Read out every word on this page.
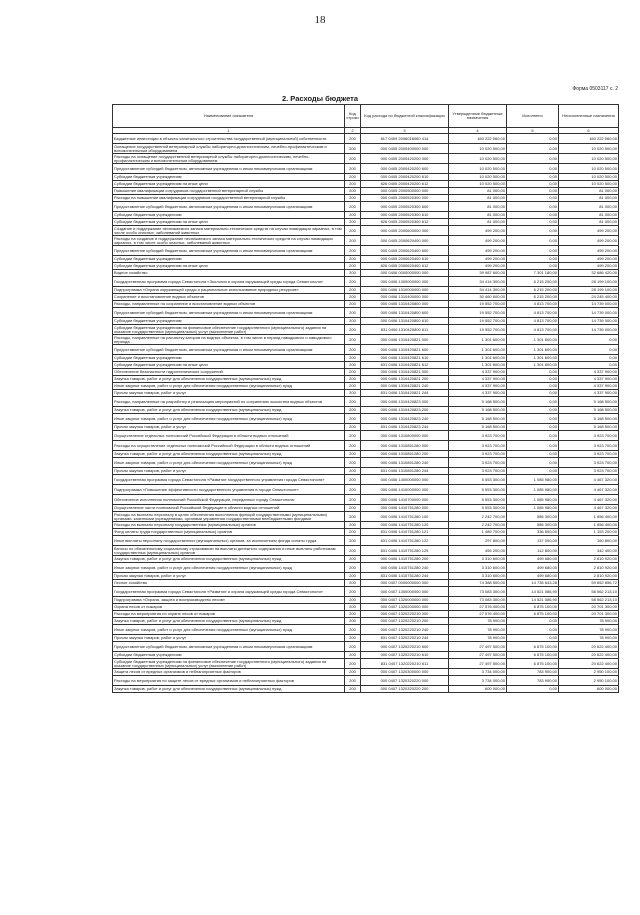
18
Форма 0503117 с. 2
2. Расходы бюджета
Наименование показателя	Код строки	Код расхода по бюджетной классификации	Утвержденные бюджетные назначения	Исполнено	Неисполненные назначения
1	2	3	4	5	6
Бюджетные инвестиции в объекты капитального строительства государственной (муниципальной) собственности	200	817 0409 2006016060 414	160 222 060,00	0,00	160 222 060,00
Оснащение государственной ветеринарной службы лабораторно-диагностическим, лечебно-профилактическим и вспомогательным оборудованием	200	000 0405 2000400000 000	10 020 500,00	0,00	10 020 500,00
Расходы на оснащение государственной ветеринарной службы лабораторно-диагностическим, лечебно-профилактическим и вспомогательным оборудованием	200	000 0405 2000420200 000	10 020 500,00	0,00	10 020 500,00
Предоставление субсидий бюджетным, автономным учреждениям и иным некоммерческим организациям	200	000 0405 2000420200 600	10 020 500,00	0,00	10 020 500,00
Субсидии бюджетным учреждениям	200	000 0405 2000420200 610	10 020 500,00	0,00	10 020 500,00
Субсидии бюджетным учреждениям на иные цели	200	826 0405 2000420200 612	10 020 500,00	0,00	10 020 500,00
Повышение квалификации сотрудников государственной ветеринарной службы	200	000 0405 2000500000 000	81 000,00	0,00	81 000,00
Расходы на повышение квалификации сотрудников государственной ветеринарной службы	200	000 0405 2000520300 000	81 000,00	0,00	81 000,00
Предоставление субсидий бюджетным, автономным учреждениям и иным некоммерческим организациям	200	000 0405 2000520300 600	81 000,00	0,00	81 000,00
Субсидии бюджетным учреждениям	200	000 0405 2000520300 610	81 000,00	0,00	81 000,00
Субсидии бюджетным учреждениям на иные цели	200	826 0405 2000520300 612	81 000,00	0,00	81 000,00
Создание и поддержание неснижаемого запаса материально-технических средств на случаи ликвидации заразных, в том числе особо опасных, заболеваний животных	200	000 0405 2000600000 000	499 200,00	0,00	499 200,00
Расходы на создание и поддержание неснижаемого запаса материально-технических средств на случаи ликвидации заразных, в том числе особо опасных, заболеваний животных	200	000 0405 2000620400 000	499 200,00	0,00	499 200,00
Предоставление субсидий бюджетным, автономным учреждениям и иным некоммерческим организациям	200	000 0405 2000620400 600	499 200,00	0,00	499 200,00
Субсидии бюджетным учреждениям	200	000 0405 2000620400 610	499 200,00	0,00	499 200,00
Субсидии бюджетным учреждениям на иные цели	200	826 0405 2000620400 612	499 200,00	0,00	499 200,00
Водное хозяйство	200	000 0406 0000000000 000	39 987 600,00	7 301 180,00	32 686 420,00
Государственная программа города Севастополя «Экология и охрана окружающей среды города Севастополя»	200	000 0406 1300000000 000	34 414 300,00	6 215 200,00	28 199 100,00
Подпрограмма «Охрана окружающей среды и рациональное использование природных ресурсов»	200	000 0406 1310000000 000	34 414 300,00	6 215 200,00	28 199 100,00
Сохранение и восстановление водных объектов	200	000 0406 1310400000 000	30 460 600,00	6 215 200,00	24 245 400,00
Расходы, направленные на сохранение и восстановление водных объектов	200	000 0406 1310420800 000	19 552 700,00	4 813 700,00	14 739 000,00
Предоставление субсидий бюджетным, автономным учреждениям и иным некоммерческим организациям	200	000 0406 1310420800 600	19 552 700,00	4 813 700,00	14 739 000,00
Субсидии бюджетным учреждениям	200	000 0406 1310420800 610	19 552 700,00	4 813 700,00	14 739 000,00
Субсидии бюджетным учреждениям на финансовое обеспечение государственного (муниципального) задания на оказание государственных (муниципальных) услуг (выполнение работ)	200	831 0406 1310420800 611	19 552 700,00	4 813 700,00	14 739 000,00
Расходы, направленные на расчистку заторов на водных объектах, в том числе в период паводкового и наводкового периода	200	000 0406 1310420821 000	1 301 600,00	1 301 600,00	0,00
Предоставление субсидий бюджетным, автономным учреждениям и иным некоммерческим организациям	200	000 0406 1310420821 600	1 301 600,00	1 301 600,00	0,00
Субсидии бюджетным учреждениям	200	000 0406 1310420821 610	1 301 600,00	1 301 600,00	0,00
Субсидии бюджетным учреждениям на иные цели	200	831 0406 1310420821 612	1 301 600,00	1 301 600,00	0,00
Обеспечение безопасности гидротехнических сооружений	200	000 0406 1310420821 000	4 337 900,00	0,00	4 337 900,00
Закупка товаров, работ и услуг для обеспечения государственных (муниципальных) нужд	200	000 0406 1310420821 200	4 337 900,00	0,00	4 337 900,00
Иные закупки товаров, работ и услуг для обеспечения государственных (муниципальных) нужд	200	000 0406 1310420821 240	4 337 900,00	0,00	4 337 900,00
Прочая закупка товаров, работ и услуг	200	831 0406 1310420821 244	4 337 900,00	0,00	4 337 900,00
Расходы, направленные на разработку и реализацию мероприятий по сохранению экосистем водных объектов	200	000 0406 1310420823 000	5 168 500,00	0,00	5 168 500,00
Закупка товаров, работ и услуг для обеспечения государственных (муниципальных) нужд	200	000 0406 1310420823 200	5 168 500,00	0,00	5 168 500,00
Иные закупки товаров, работ и услуг для обеспечения государственных (муниципальных) нужд	200	000 0406 1310420823 240	5 168 500,00	0,00	5 168 500,00
Прочая закупка товаров, работ и услуг	200	831 0406 1310420823 244	5 168 500,00	0,00	5 168 500,00
Осуществление отдельных полномочий Российской Федерации в области водных отношений	200	000 0406 1310800000 000	3 923 700,00	0,00	3 923 700,00
Расходы на осуществление отдельных полномочий Российской Федерации в области водных отношений	200	000 0406 1310851280 000	3 923 700,00	0,00	3 923 700,00
Закупка товаров, работ и услуг для обеспечения государственных (муниципальных) нужд	200	000 0406 1310851280 200	3 923 700,00	0,00	3 923 700,00
Иные закупки товаров, работ и услуг для обеспечения государственных (муниципальных) нужд	200	000 0406 1310851280 240	3 923 700,00	0,00	3 923 700,00
Прочая закупка товаров, работ и услуг	200	831 0406 1310851280 244	3 923 700,00	0,00	3 923 700,00
Государственная программа города Севастополя «Развитие государственного управления города Севастополя»	200	000 0406 1400000000 000	5 553 300,00	1 085 980,00	4 467 320,00
Подпрограмма «Повышение эффективности государственного управления в городе Севастополе»	200	000 0406 1410000000 000	5 553 300,00	1 085 980,00	4 467 320,00
Обеспечение исполнения полномочий Российской Федерации, переданных городу Севастополю	200	000 0406 1410700000 000	5 553 300,00	1 085 980,00	4 467 320,00
Осуществление части полномочий Российской Федерации в области водных отношений	200	000 0406 1410751280 000	5 553 300,00	1 085 980,00	4 467 320,00
Расходы на выплаты персоналу в целях обеспечения выполнения функций государственными (муниципальными) органами, казенными учреждениями, органами управления государственными внебюджетными фондами	200	000 0406 1410751280 100	2 242 700,00	586 300,00	1 656 400,00
Расходы на выплаты персоналу государственных (муниципальных) органов	200	000 0406 1410751280 120	2 242 700,00	586 300,00	1 656 400,00
Фонд оплаты труда государственных (муниципальных) органов	200	831 0406 1410751280 121	1 489 700,00	336 500,00	1 153 200,00
Иные выплаты персоналу государственных (муниципальных) органов, за исключением фонда оплаты труда	200	831 0406 1410751280 122	297 800,00	137 000,00	160 800,00
Взносы по обязательному социальному страхованию на выплаты денежного содержания и иные выплаты работникам государственных (муниципальных) органов	200	831 0406 1410751280 129	455 200,00	112 800,00	342 400,00
Закупка товаров, работ и услуг для обеспечения государственных (муниципальных) нужд	200	000 0406 1410751280 200	3 310 600,00	499 680,00	2 810 920,00
Иные закупки товаров, работ и услуг для обеспечения государственных (муниципальных) нужд	200	000 0406 1410751280 240	3 310 600,00	499 680,00	2 810 920,00
Прочая закупка товаров, работ и услуг	200	831 0406 1410751280 244	3 310 600,00	499 680,00	2 810 920,00
Лесное хозяйство	200	000 0407 0000000000 000	74 388 500,00	14 735 643,28	59 652 856,72
Государственная программа города Севастополя «Развитие и охрана окружающей среды города Севастополя»	200	000 0407 1300000000 000	73 083 300,00	14 521 086,90	58 562 213,10
Подпрограмма «Охрана, защита и воспроизводство лесов»	200	000 0407 1320000000 000	73 083 300,00	14 521 086,90	58 562 213,10
Охрана лесов от пожаров	200	000 0407 1320200000 000	27 576 400,00	6 875 100,00	20 701 300,00
Расходы на мероприятия по охране лесов от пожаров	200	000 0407 1320220210 000	27 576 400,00	6 875 100,00	20 701 300,00
Закупка товаров, работ и услуг для обеспечения государственных (муниципальных) нужд	200	000 0407 1320220210 200	78 900,00	0,00	78 900,00
Иные закупки товаров, работ и услуг для обеспечения государственных (муниципальных) нужд	200	000 0407 1320220210 240	78 900,00	0,00	78 900,00
Прочая закупка товаров, работ и услуг	200	831 0407 1320220210 244	78 900,00	0,00	78 900,00
Предоставление субсидий бюджетным, автономным учреждениям и иным некоммерческим организациям	200	000 0407 1320220210 600	27 497 500,00	6 875 100,00	20 622 400,00
Субсидии бюджетным учреждениям	200	000 0407 1320220210 610	27 497 500,00	6 875 100,00	20 622 400,00
Субсидии бюджетным учреждениям на финансовое обеспечение государственного (муниципального) задания на оказание государственных (муниципальных) услуг (выполнение работ)	200	831 0407 1320220210 611	27 497 500,00	6 875 100,00	20 622 400,00
Защита лесов от вредных организмов и неблагоприятных факторов	200	000 0407 1320300000 000	3 734 000,00	783 900,00	2 950 100,00
Расходы на мероприятия по защите лесов от вредных организмов и неблагоприятных факторов	200	000 0407 1320320220 000	3 734 000,00	783 900,00	2 950 100,00
Закупка товаров, работ и услуг для обеспечения государственных (муниципальных) нужд	200	000 0407 1320320220 200	600 000,00	0,00	600 000,00
